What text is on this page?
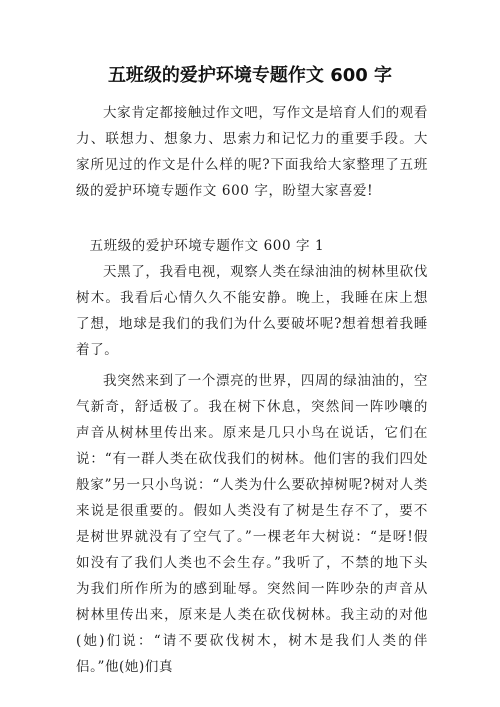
五班级的爱护环境专题作文 600 字

大家肯定都接触过作文吧，写作文是培育人们的观看力、联想力、想象力、思索力和记忆力的重要手段。大家所见过的作文是什么样的呢?下面我给大家整理了五班级的爱护环境专题作文 600 字，盼望大家喜爱!

五班级的爱护环境专题作文 600 字 1

天黑了，我看电视，观察人类在绿油油的树林里砍伐树木。我看后心情久久不能安静。晚上，我睡在床上想了想，地球是我们的我们为什么要破坏呢?想着想着我睡着了。

我突然来到了一个漂亮的世界，四周的绿油油的，空气新奇，舒适极了。我在树下休息，突然间一阵吵嚷的声音从树林里传出来。原来是几只小鸟在说话，它们在说：“有一群人类在砍伐我们的树林。他们害的我们四处般家”另一只小鸟说：“人类为什么要砍掉树呢?树对人类来说是很重要的。假如人类没有了树是生存不了，要不是树世界就没有了空气了。”一棵老年大树说：“是呀!假如没有了我们人类也不会生存。”我听了，不禁的地下头为我们所作所为的感到耻辱。突然间一阵吵杂的声音从树林里传出来，原来是人类在砍伐树林。我主动的对他(她)们说：“请不要砍伐树木，树木是我们人类的伴侣。”他(她)们真
